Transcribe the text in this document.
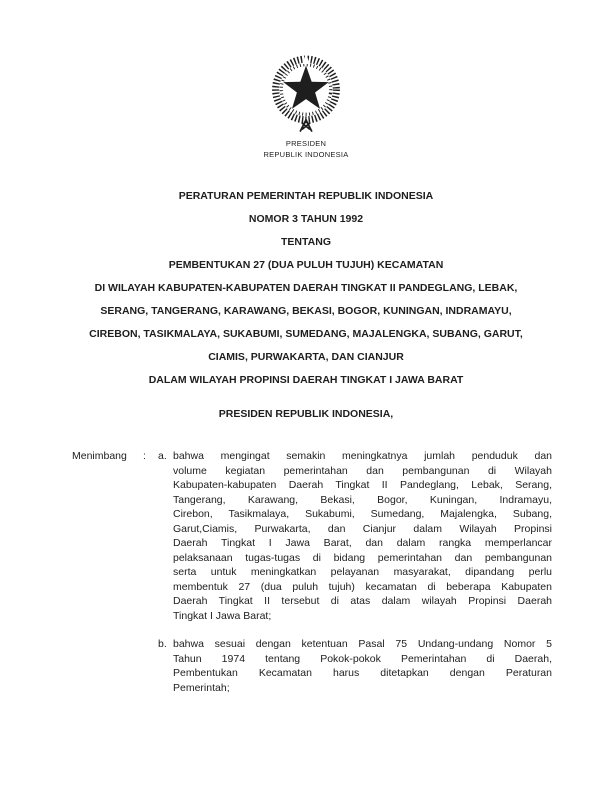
PRESIDEN
REPUBLIK INDONESIA
PERATURAN PEMERINTAH REPUBLIK INDONESIA
NOMOR 3 TAHUN 1992
TENTANG
PEMBENTUKAN 27 (DUA PULUH TUJUH) KECAMATAN
DI WILAYAH KABUPATEN-KABUPATEN DAERAH TINGKAT II PANDEGLANG, LEBAK,
SERANG, TANGERANG, KARAWANG, BEKASI, BOGOR, KUNINGAN, INDRAMAYU,
CIREBON, TASIKMALAYA, SUKABUMI, SUMEDANG, MAJALENGKA, SUBANG, GARUT,
CIAMIS, PURWAKARTA, DAN CIANJUR
DALAM WILAYAH PROPINSI DAERAH TINGKAT I JAWA BARAT
PRESIDEN REPUBLIK INDONESIA,
Menimbang	:	a. bahwa mengingat semakin meningkatnya jumlah penduduk dan
volume kegiatan pemerintahan dan pembangunan di Wilayah
Kabupaten-kabupaten Daerah Tingkat II Pandeglang, Lebak, Serang,
Tangerang, Karawang, Bekasi, Bogor, Kuningan, Indramayu,
Cirebon, Tasikmalaya, Sukabumi, Sumedang, Majalengka, Subang,
Garut,Ciamis, Purwakarta, dan Cianjur dalam Wilayah Propinsi
Daerah Tingkat I Jawa Barat, dan dalam rangka memperlancar
pelaksanaan tugas-tugas di bidang pemerintahan dan pembangunan
serta untuk meningkatkan pelayanan masyarakat, dipandang perlu
membentuk 27 (dua puluh tujuh) kecamatan di beberapa Kabupaten
Daerah Tingkat II tersebut di atas dalam wilayah Propinsi Daerah
Tingkat I Jawa Barat;
b. bahwa sesuai dengan ketentuan Pasal 75 Undang-undang Nomor 5
Tahun 1974 tentang Pokok-pokok Pemerintahan di Daerah,
Pembentukan Kecamatan harus ditetapkan dengan Peraturan
Pemerintah;
